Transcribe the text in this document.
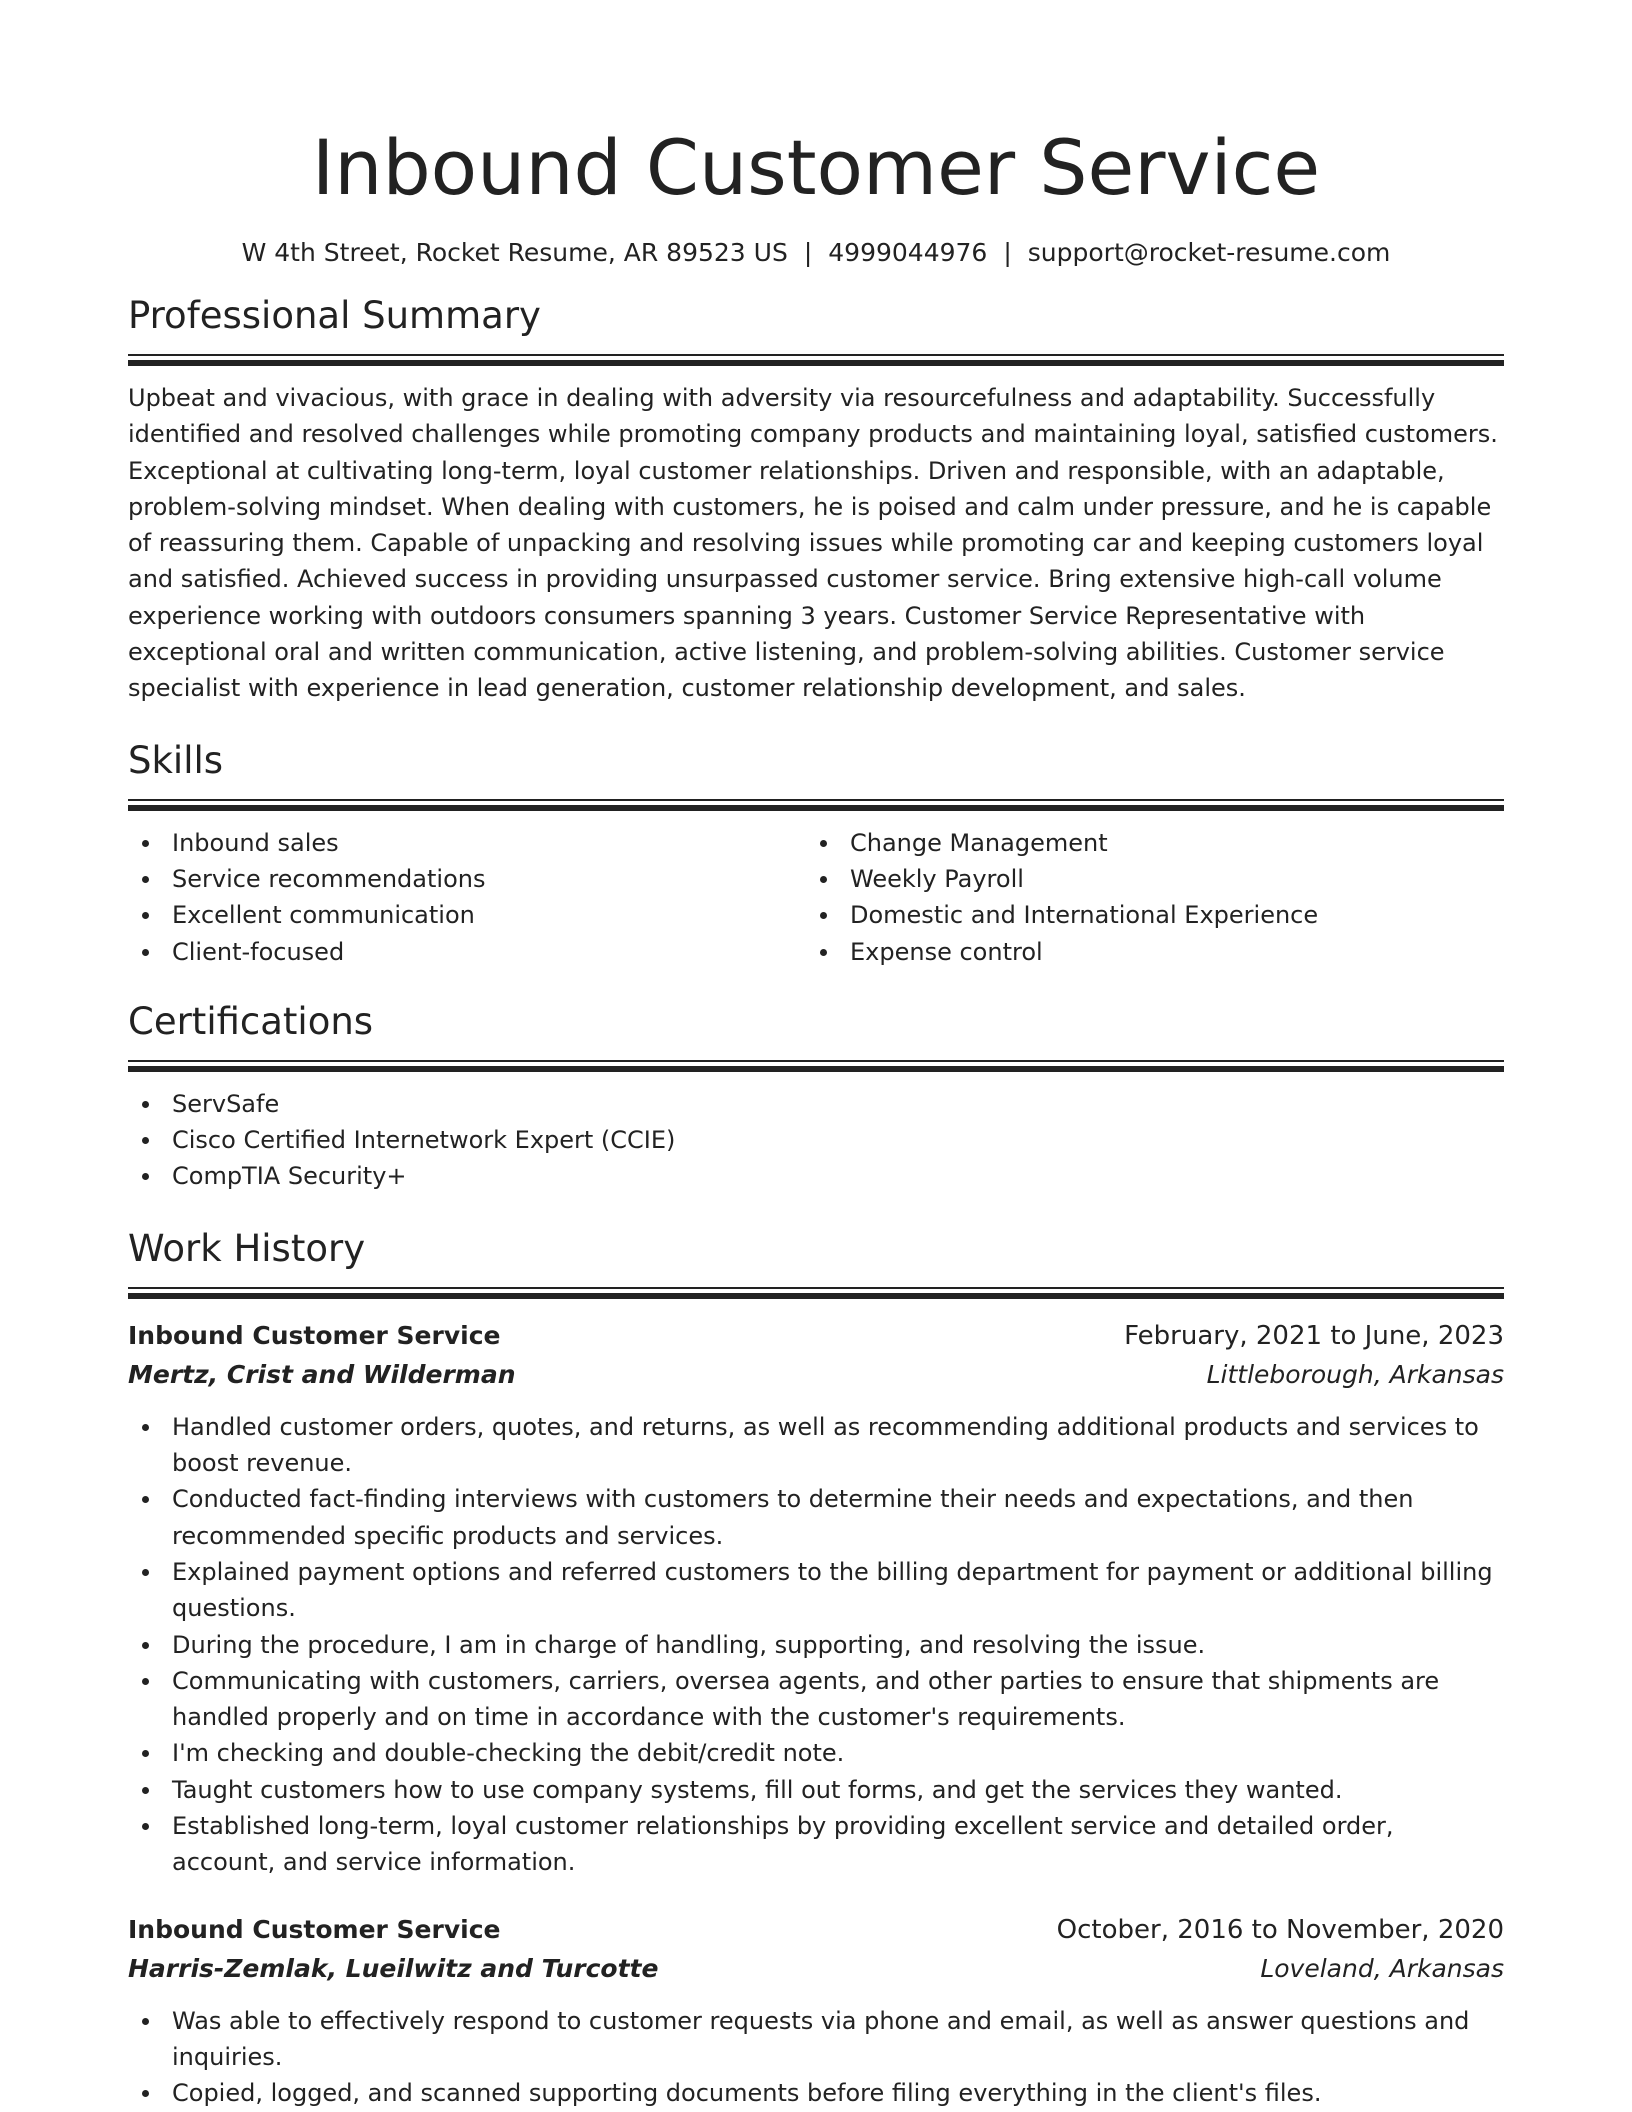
Inbound Customer Service
W 4th Street, Rocket Resume, AR 89523 US | 4999044976 | support@rocket-resume.com
Professional Summary

Upbeat and vivacious, with grace in dealing with adversity via resourcefulness and adaptability. Successfully identified and resolved challenges while promoting company products and maintaining loyal, satisfied customers. Exceptional at cultivating long-term, loyal customer relationships. Driven and responsible, with an adaptable, problem-solving mindset. When dealing with customers, he is poised and calm under pressure, and he is capable of reassuring them. Capable of unpacking and resolving issues while promoting car and keeping customers loyal and satisfied. Achieved success in providing unsurpassed customer service. Bring extensive high-call volume experience working with outdoors consumers spanning 3 years. Customer Service Representative with exceptional oral and written communication, active listening, and problem-solving abilities. Customer service specialist with experience in lead generation, customer relationship development, and sales.

Skills
Inbound sales
Service recommendations
Excellent communication
Client-focused
Change Management
Weekly Payroll
Domestic and International Experience
Expense control
Certifications
ServSafe
Cisco Certified Internetwork Expert (CCIE)
CompTIA Security+
Work History
Inbound Customer Service	February, 2021 to June, 2023
Mertz, Crist and Wilderman	Littleborough, Arkansas
Handled customer orders, quotes, and returns, as well as recommending additional products and services to boost revenue.
Conducted fact-finding interviews with customers to determine their needs and expectations, and then recommended specific products and services.
Explained payment options and referred customers to the billing department for payment or additional billing questions.
During the procedure, I am in charge of handling, supporting, and resolving the issue.
Communicating with customers, carriers, oversea agents, and other parties to ensure that shipments are handled properly and on time in accordance with the customer's requirements.
I'm checking and double-checking the debit/credit note.
Taught customers how to use company systems, fill out forms, and get the services they wanted.
Established long-term, loyal customer relationships by providing excellent service and detailed order, account, and service information.
Inbound Customer Service	October, 2016 to November, 2020
Harris-Zemlak, Lueilwitz and Turcotte	Loveland, Arkansas
Was able to effectively respond to customer requests via phone and email, as well as answer questions and inquiries.
Copied, logged, and scanned supporting documents before filing everything in the client's files.
